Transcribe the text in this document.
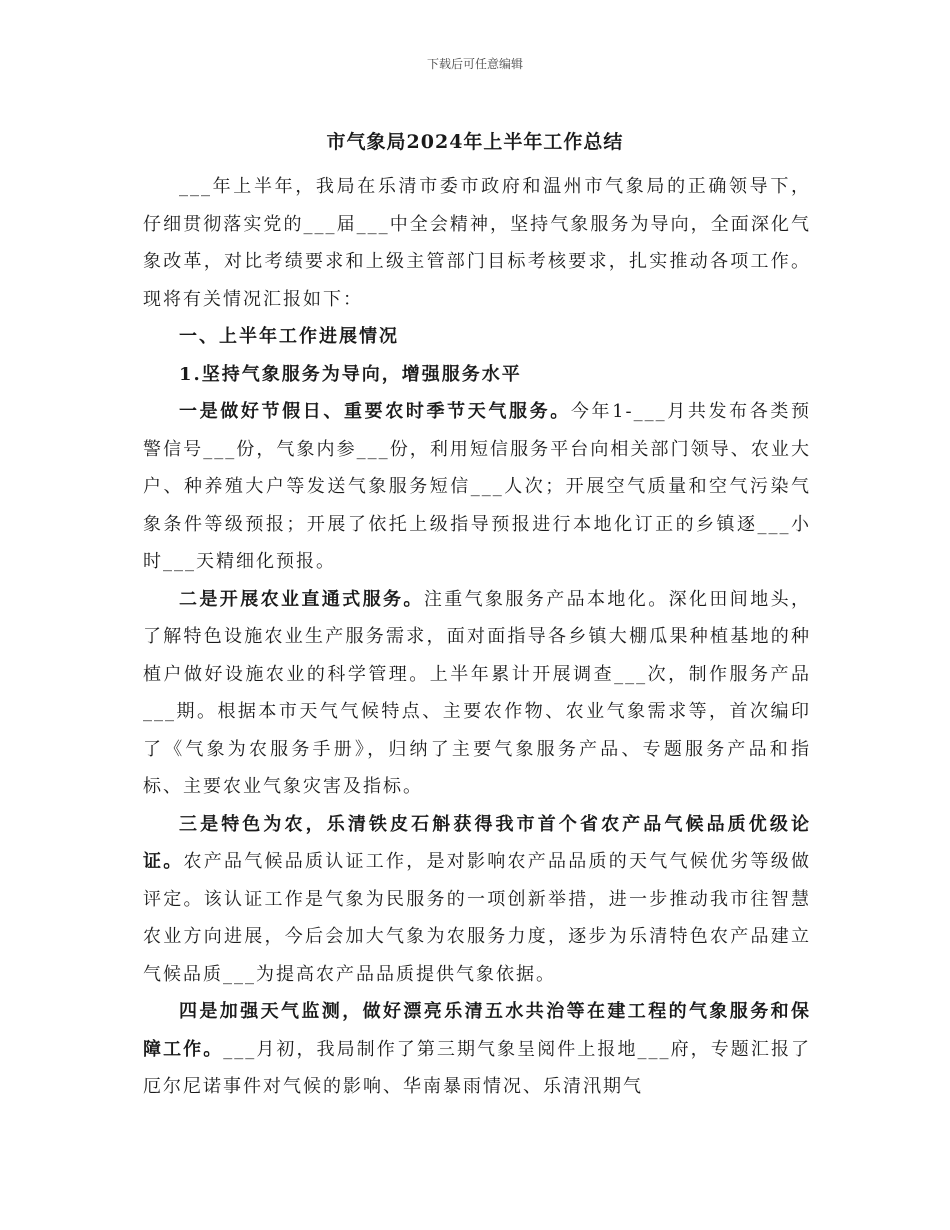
下载后可任意编辑
市气象局2024年上半年工作总结

___年上半年，我局在乐清市委市政府和温州市气象局的正确领导下，仔细贯彻落实党的___届___中全会精神，坚持气象服务为导向，全面深化气象改革，对比考绩要求和上级主管部门目标考核要求，扎实推动各项工作。现将有关情况汇报如下：

一、上半年工作进展情况

1.坚持气象服务为导向，增强服务水平

一是做好节假日、重要农时季节天气服务。今年1-___月共发布各类预警信号___份，气象内参___份，利用短信服务平台向相关部门领导、农业大户、种养殖大户等发送气象服务短信___人次；开展空气质量和空气污染气象条件等级预报；开展了依托上级指导预报进行本地化订正的乡镇逐___小时___天精细化预报。

二是开展农业直通式服务。注重气象服务产品本地化。深化田间地头，了解特色设施农业生产服务需求，面对面指导各乡镇大棚瓜果种植基地的种植户做好设施农业的科学管理。上半年累计开展调查___次，制作服务产品___期。根据本市天气气候特点、主要农作物、农业气象需求等，首次编印了《气象为农服务手册》，归纳了主要气象服务产品、专题服务产品和指标、主要农业气象灾害及指标。

三是特色为农，乐清铁皮石斛获得我市首个省农产品气候品质优级论证。农产品气候品质认证工作，是对影响农产品品质的天气气候优劣等级做评定。该认证工作是气象为民服务的一项创新举措，进一步推动我市往智慧农业方向进展，今后会加大气象为农服务力度，逐步为乐清特色农产品建立气候品质___为提高农产品品质提供气象依据。

四是加强天气监测，做好漂亮乐清五水共治等在建工程的气象服务和保障工作。___月初，我局制作了第三期气象呈阅件上报地___府，专题汇报了厄尔尼诺事件对气候的影响、华南暴雨情况、乐清汛期气
